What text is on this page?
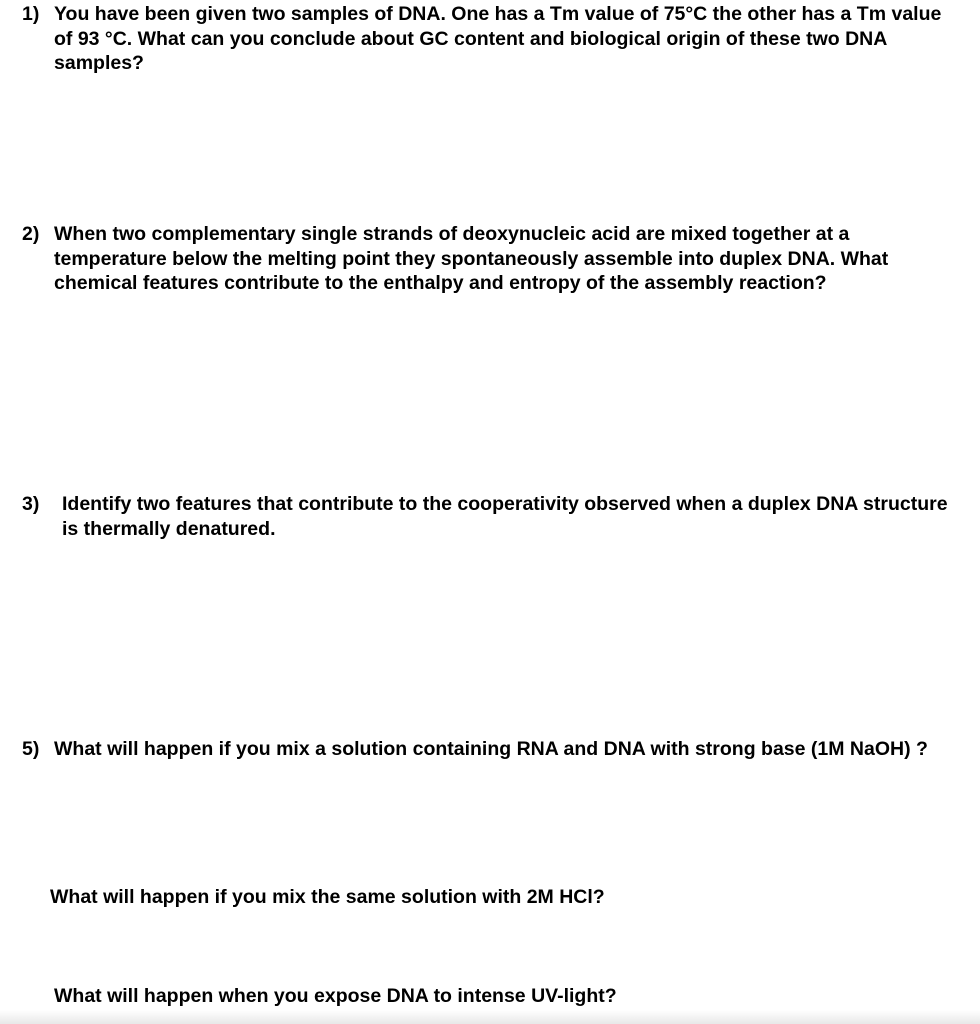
1) You have been given two samples of DNA. One has a Tm value of 75°C the other has a Tm value of 93 °C. What can you conclude about GC content and biological origin of these two DNA samples?
2) When two complementary single strands of deoxynucleic acid are mixed together at a temperature below the melting point they spontaneously assemble into duplex DNA. What chemical features contribute to the enthalpy and entropy of the assembly reaction?
3) Identify two features that contribute to the cooperativity observed when a duplex DNA structure is thermally denatured.
5) What will happen if you mix a solution containing RNA and DNA with strong base (1M NaOH) ?
What will happen if you mix the same solution with 2M HCl?
What will happen when you expose DNA to intense UV-light?
